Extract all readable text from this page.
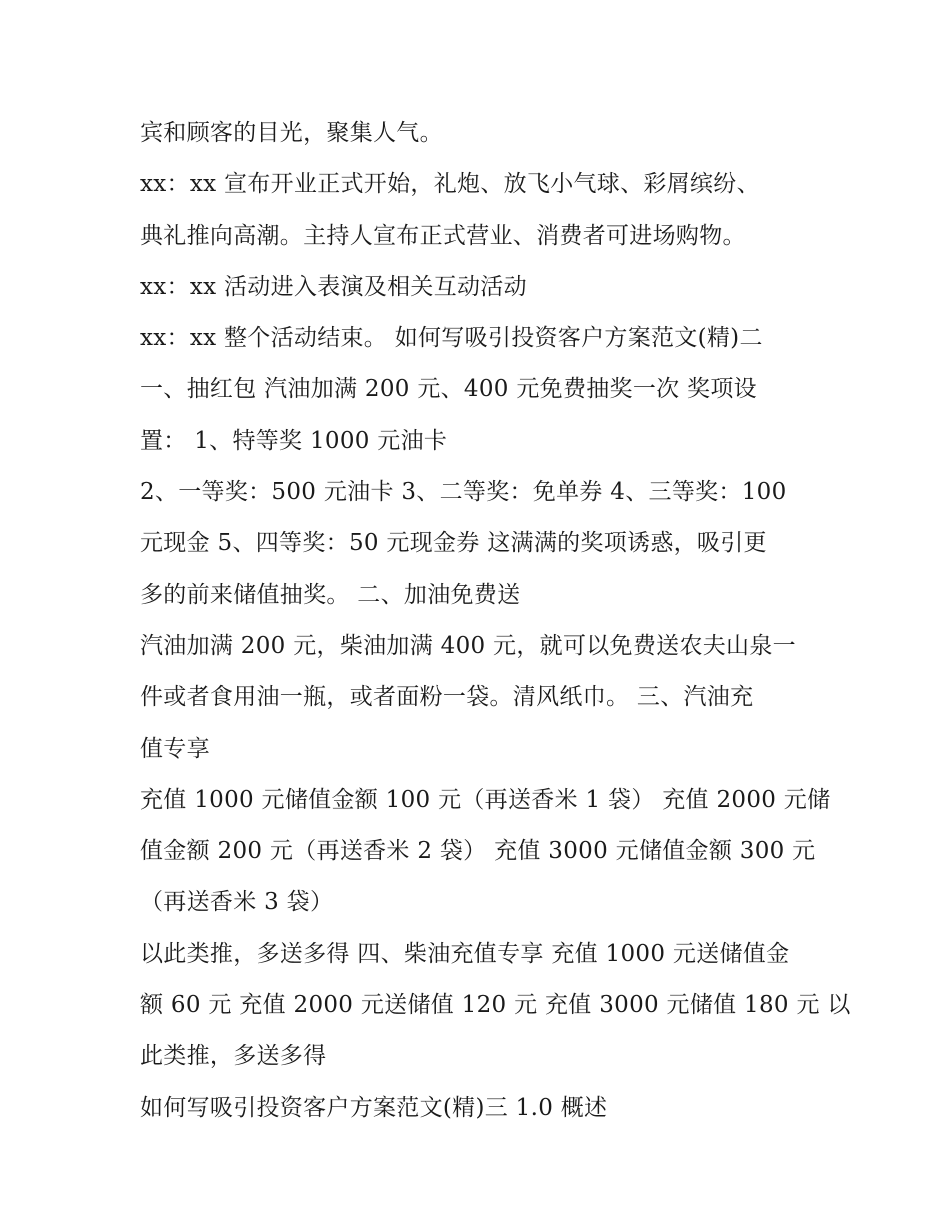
宾和顾客的目光，聚集人气。
xx：xx 宣布开业正式开始，礼炮、放飞小气球、彩屑缤纷、
典礼推向高潮。主持人宣布正式营业、消费者可进场购物。
xx：xx 活动进入表演及相关互动活动
xx：xx 整个活动结束。 如何写吸引投资客户方案范文(精)二
一、抽红包 汽油加满 200 元、400 元免费抽奖一次 奖项设
置： 1、特等奖 1000 元油卡
2、一等奖：500 元油卡 3、二等奖：免单券 4、三等奖：100
元现金 5、四等奖：50 元现金券 这满满的奖项诱惑，吸引更
多的前来储值抽奖。 二、加油免费送
汽油加满 200 元，柴油加满 400 元，就可以免费送农夫山泉一
件或者食用油一瓶，或者面粉一袋。清风纸巾。 三、汽油充
值专享
充值 1000 元储值金额 100 元（再送香米 1 袋） 充值 2000 元储
值金额 200 元（再送香米 2 袋） 充值 3000 元储值金额 300 元
（再送香米 3 袋）
以此类推，多送多得 四、柴油充值专享 充值 1000 元送储值金
额 60 元 充值 2000 元送储值 120 元 充值 3000 元储值 180 元 以
此类推，多送多得
如何写吸引投资客户方案范文(精)三 1.0 概述
